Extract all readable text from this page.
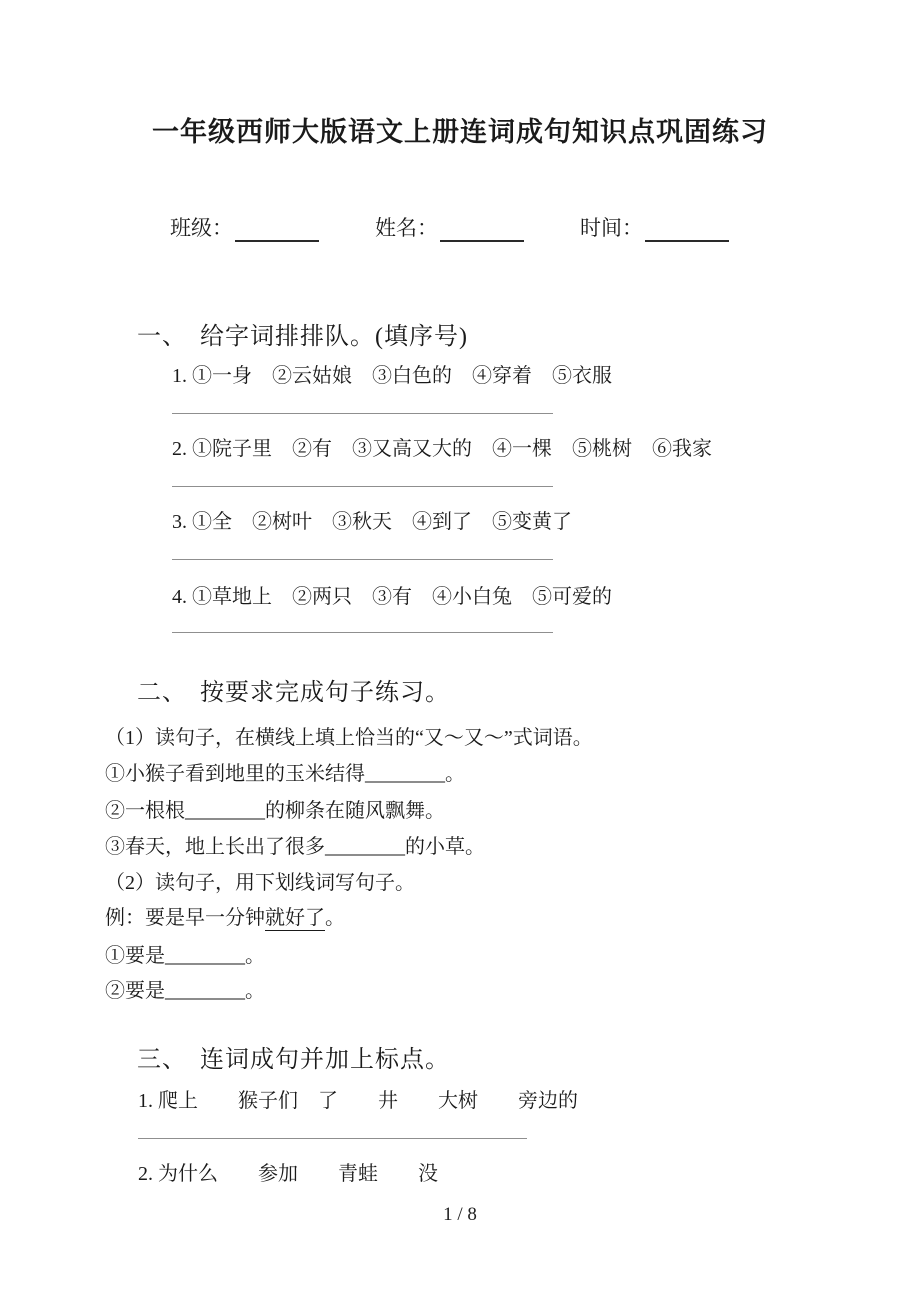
一年级西师大版语文上册连词成句知识点巩固练习
班级：	姓名：	时间：
一、　给字词排排队。(填序号)
1. ①一身　②云姑娘　③白色的　④穿着　⑤衣服
2. ①院子里　②有　③又高又大的　④一棵　⑤桃树　⑥我家
3. ①全　②树叶　③秋天　④到了　⑤变黄了
4. ①草地上　②两只　③有　④小白兔　⑤可爱的
二、　按要求完成句子练习。
（1）读句子，在横线上填上恰当的“又～又～”式词语。
①小猴子看到地里的玉米结得________。
②一根根________的柳条在随风飘舞。
③春天，地上长出了很多________的小草。
（2）读句子，用下划线词写句子。
例：要是早一分钟就好了。
①要是________。
②要是________。
三、　连词成句并加上标点。
1. 爬上　　猴子们　了　　井　　大树　　旁边的
2. 为什么　　参加　　青蛙　　没
1 / 8
